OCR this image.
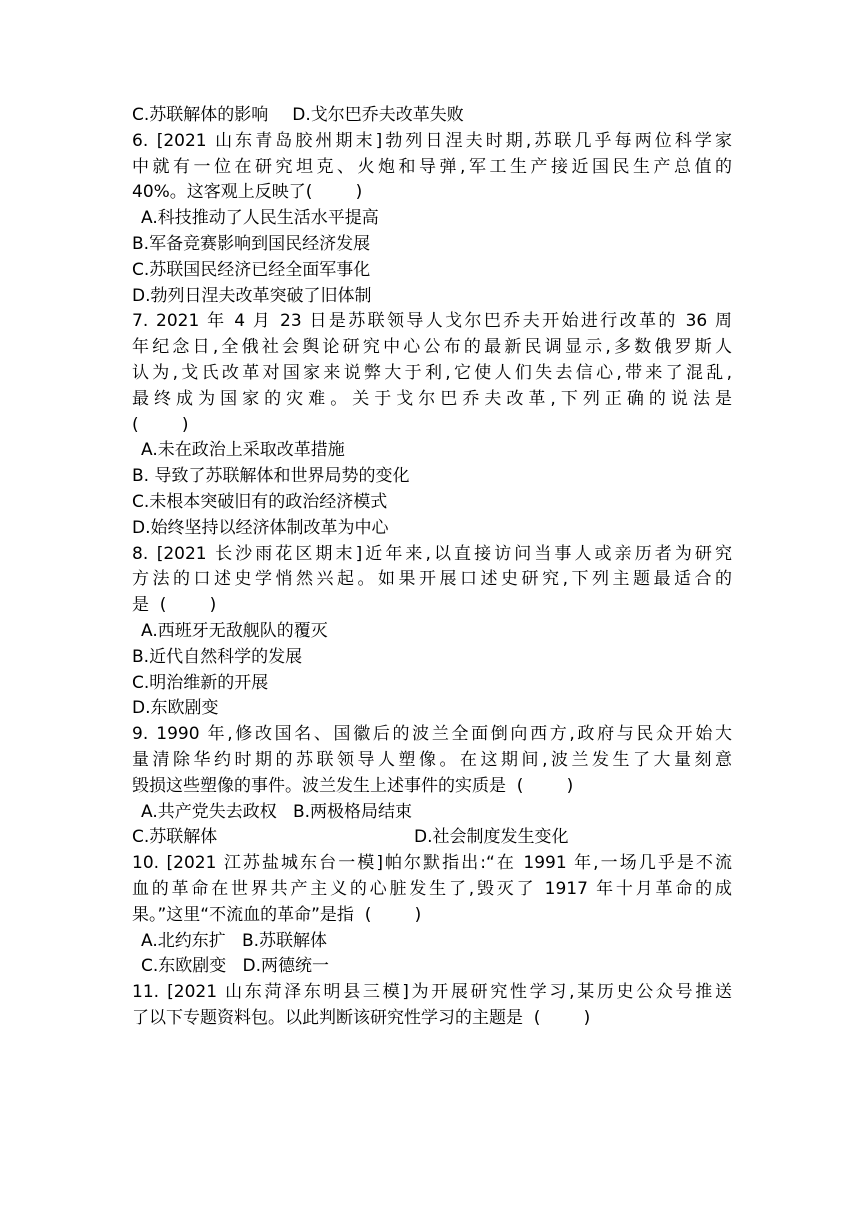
C.苏联解体的影响 D.戈尔巴乔夫改革失败
6. [2021 山东青岛胶州期末]勃列日涅夫时期,苏联几乎每两位科学家
中就有一位在研究坦克、火炮和导弹,军工生产接近国民生产总值的
40%。这客观上反映了(        )
A.科技推动了人民生活水平提高
B.军备竞赛影响到国民经济发展
C.苏联国民经济已经全面军事化
D.勃列日涅夫改革突破了旧体制
7. 2021 年 4 月 23 日是苏联领导人戈尔巴乔夫开始进行改革的 36 周
年纪念日,全俄社会舆论研究中心公布的最新民调显示,多数俄罗斯人
认为,戈氏改革对国家来说弊大于利,它使人们失去信心,带来了混乱,
最终成为国家的灾难。关于戈尔巴乔夫改革,下列正确的说法是
(        )
A.未在政治上采取改革措施
B. 导致了苏联解体和世界局势的变化
C.未根本突破旧有的政治经济模式
D.始终坚持以经济体制改革为中心
8. [2021 长沙雨花区期末]近年来,以直接访问当事人或亲历者为研究
方法的口述史学悄然兴起。如果开展口述史研究,下列主题最适合的
是  (        )
A.西班牙无敌舰队的覆灭
B.近代自然科学的发展
C.明治维新的开展
D.东欧剧变
9. 1990 年,修改国名、国徽后的波兰全面倒向西方,政府与民众开始大
量清除华约时期的苏联领导人塑像。在这期间,波兰发生了大量刻意
毁损这些塑像的事件。波兰发生上述事件的实质是  (        )
A.共产党失去政权   B.两极格局结束
C.苏联解体	D.社会制度发生变化
10. [2021 江苏盐城东台一模]帕尔默指出:“在 1991 年,一场几乎是不流
血的革命在世界共产主义的心脏发生了,毁灭了 1917 年十月革命的成
果。”这里“不流血的革命”是指  (        )
A.北约东扩   B.苏联解体
C.东欧剧变   D.两德统一
11. [2021 山东菏泽东明县三模]为开展研究性学习,某历史公众号推送
了以下专题资料包。以此判断该研究性学习的主题是  (        )
